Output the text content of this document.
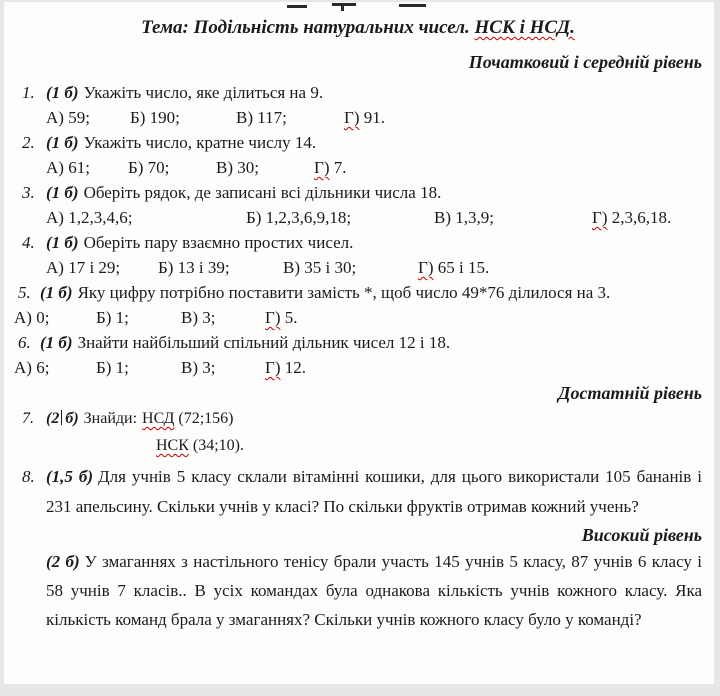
Тема: Подільність натуральних чисел. НСК і НСД.
Початковий і середній рівень
1. (1 б) Укажіть число, яке ділиться на 9.
А) 59; Б) 190;	В) 117;	Г) 91.
2. (1 б) Укажіть число, кратне числу 14.
А) 61; Б) 70;	В) 30;	Г) 7.
3. (1 б) Оберіть рядок, де записані всі дільники числа 18.
А) 1,2,3,4,6;	Б) 1,2,3,6,9,18;	В) 1,3,9;	Г) 2,3,6,18.
4. (1 б) Оберіть пару взаємно простих чисел.
А) 17 і 29; Б) 13 і 39;	В) 35 і 30;	Г) 65 і 15.
5. (1 б) Яку цифру потрібно поставити замість *, щоб число 49*76 ділилося на 3.
А) 0;	Б) 1;	В) 3;	Г) 5.
6. (1 б) Знайти найбільший спільний дільник чисел 12 і 18.
А) 6;	Б) 1;	В) 3;	Г) 12.
Достатній рівень
7. (2 б) Знайди: НСД (72;156)
НСК (34;10).
8. (1,5 б) Для учнів 5 класу склали вітамінні кошики, для цього використали 105 бананів і 231 апельсину. Скільки учнів у класі? По скільки фруктів отримав кожний учень?
Високий рівень
(2 б) У змаганнях з настільного тенісу брали участь 145 учнів 5 класу, 87 учнів 6 класу і 58 учнів 7 класів.. В усіх командах була однакова кількість учнів кожного класу. Яка кількість команд брала у змаганнях? Скільки учнів кожного класу було у команді?
